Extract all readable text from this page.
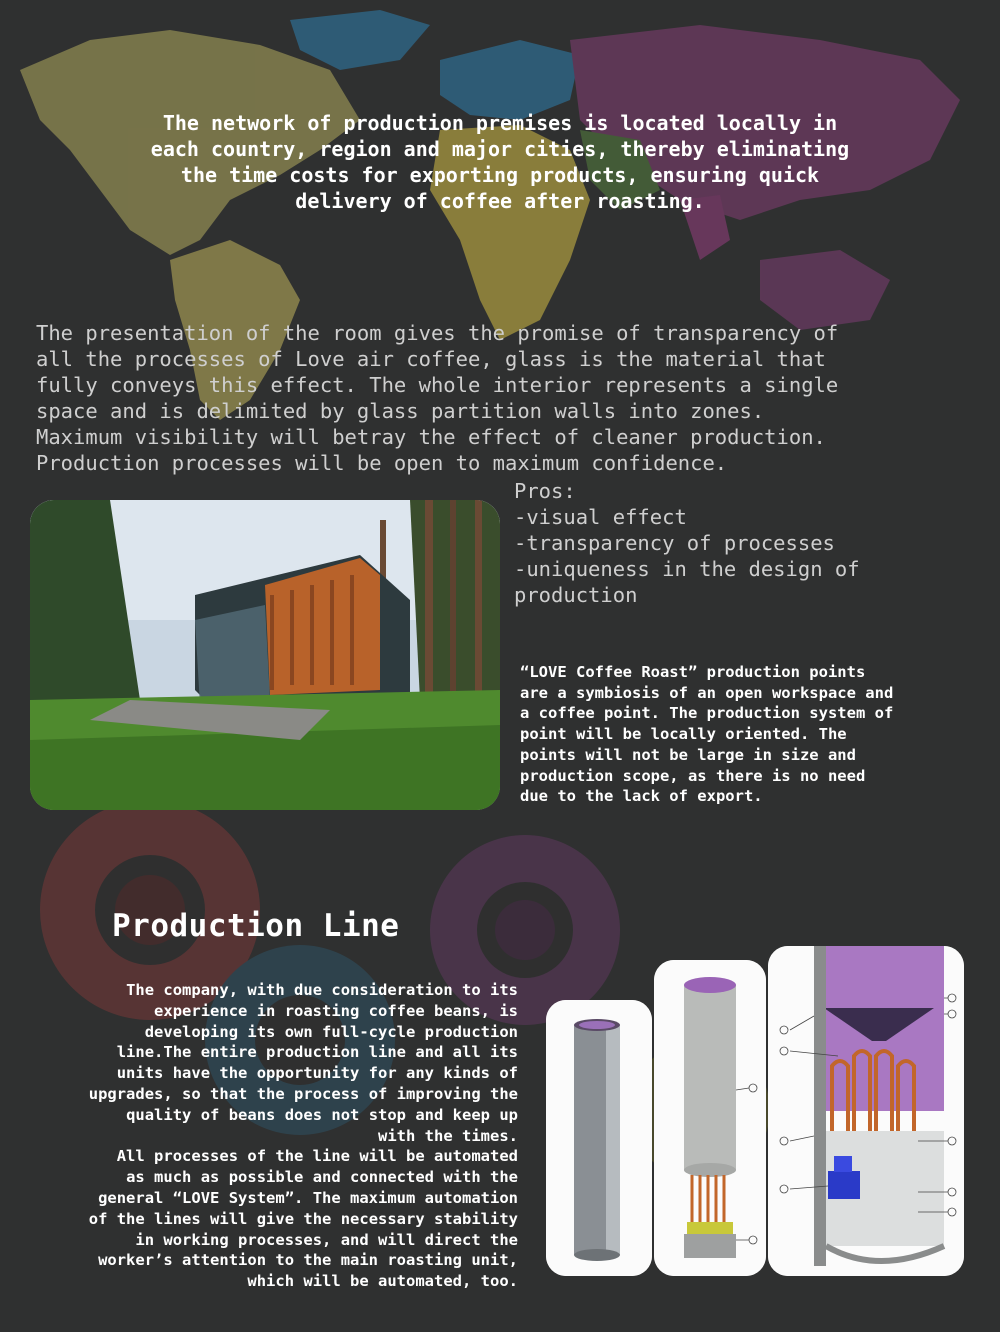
The network of production premises is located locally in
each country, region and major cities, thereby eliminating
the time costs for exporting products, ensuring quick
delivery of coffee after roasting.
The presentation of the room gives the promise of transparency of
all the processes of Love air coffee, glass is the material that
fully conveys this effect. The whole interior represents a single
space and is delimited by glass partition walls into zones.
Maximum visibility will betray the effect of cleaner production.
Production processes will be open to maximum confidence.
Pros:
-visual effect
-transparency of processes
-uniqueness in the design of production
“LOVE Coffee Roast” production points
are a symbiosis of an open workspace and
a coffee point. The production system of
point will be locally oriented. The
points will not be large in size and
production scope, as there is no need
due to the lack of export.
Production Line
The company, with due consideration to its
experience in roasting coffee beans, is
developing its own full-cycle production
line.The entire production line and all its
units have the opportunity for any kinds of
upgrades, so that the process of improving the
quality of beans does not stop and keep up
with the times.
All processes of the line will be automated
as much as possible and connected with the
general “LOVE System”. The maximum automation
of the lines will give the necessary stability
in working processes, and will direct the
worker’s attention to the main roasting unit,
which will be automated, too.
